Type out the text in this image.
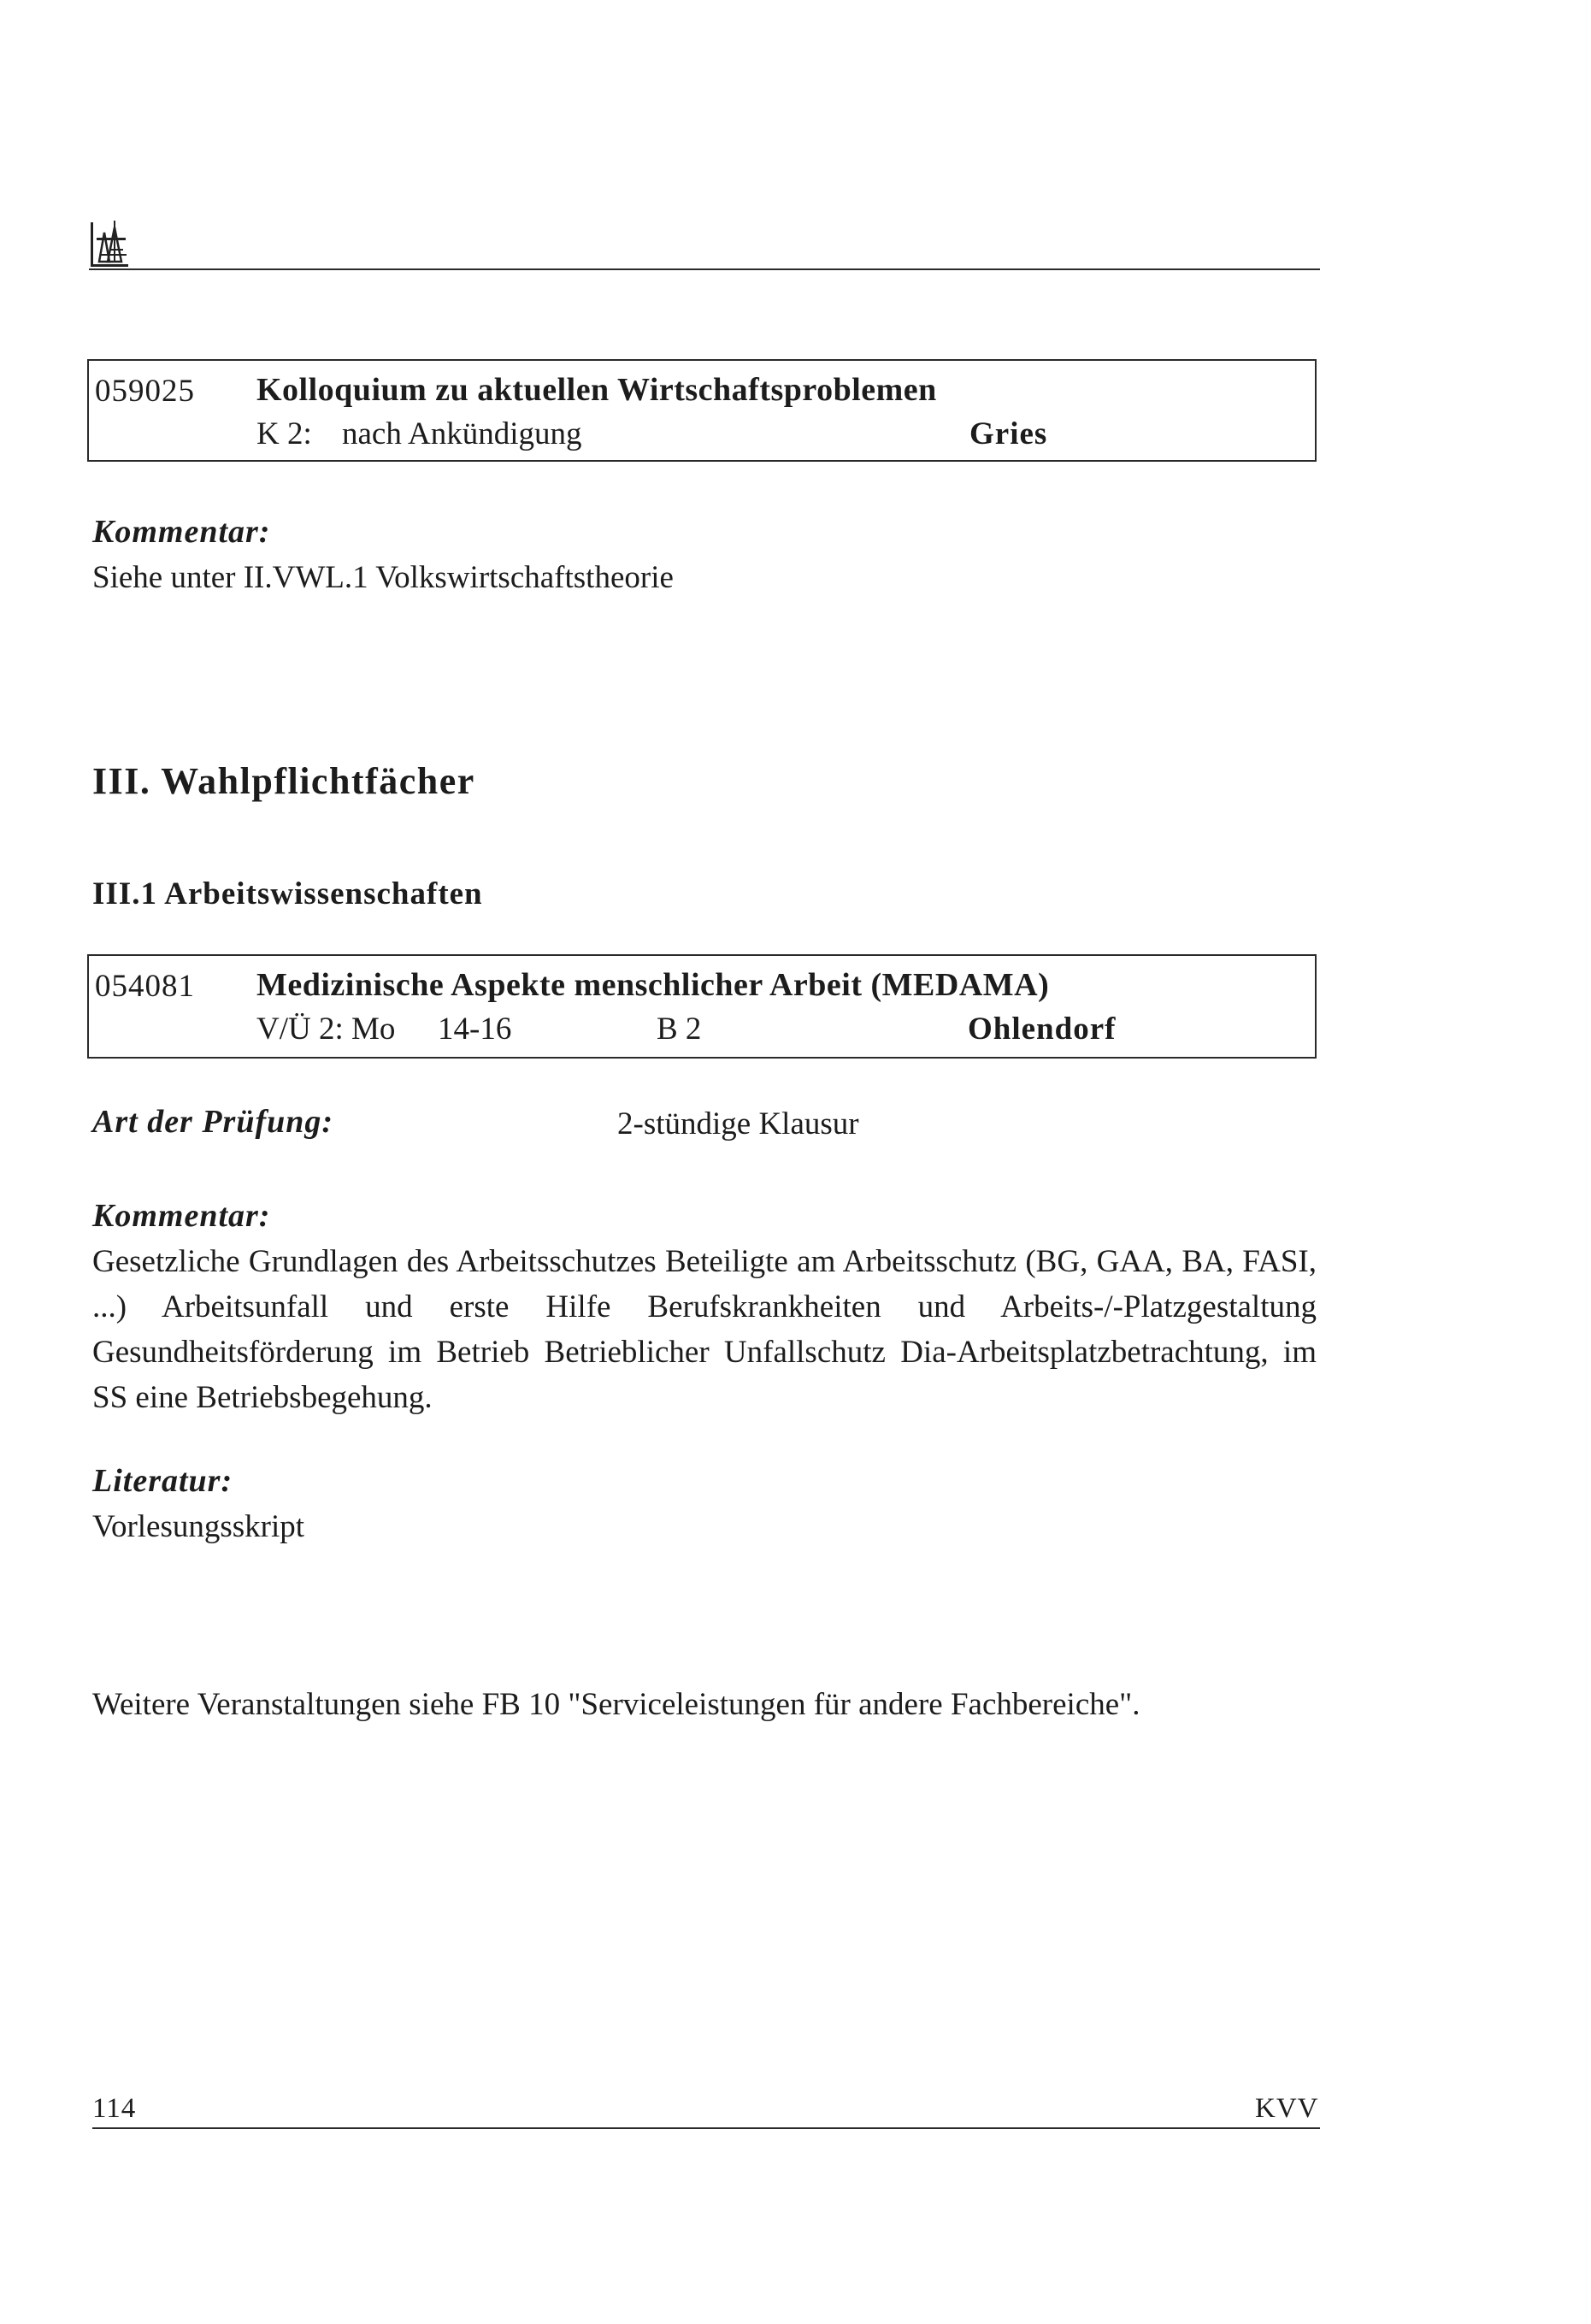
059025 Kolloquium zu aktuellen Wirtschaftsproblemen
K 2: nach Ankündigung	Gries
Kommentar:
Siehe unter II.VWL.1 Volkswirtschaftstheorie
III. Wahlpflichtfächer
III.1 Arbeitswissenschaften
054081 Medizinische Aspekte menschlicher Arbeit (MEDAMA)
V/Ü 2: Mo 14-16	B 2	Ohlendorf
Art der Prüfung:	2-stündige Klausur
Kommentar:
Gesetzliche Grundlagen des Arbeitsschutzes Beteiligte am Arbeitsschutz (BG, GAA, BA, FASI, ...) Arbeitsunfall und erste Hilfe Berufskrankheiten und Arbeits-/-Platzgestaltung Gesundheitsförderung im Betrieb Betrieblicher Unfallschutz Dia-Arbeitsplatzbetrachtung, im SS eine Betriebsbegehung.
Literatur:
Vorlesungsskript
Weitere Veranstaltungen siehe FB 10 "Serviceleistungen für andere Fachbereiche".
114	KVV
